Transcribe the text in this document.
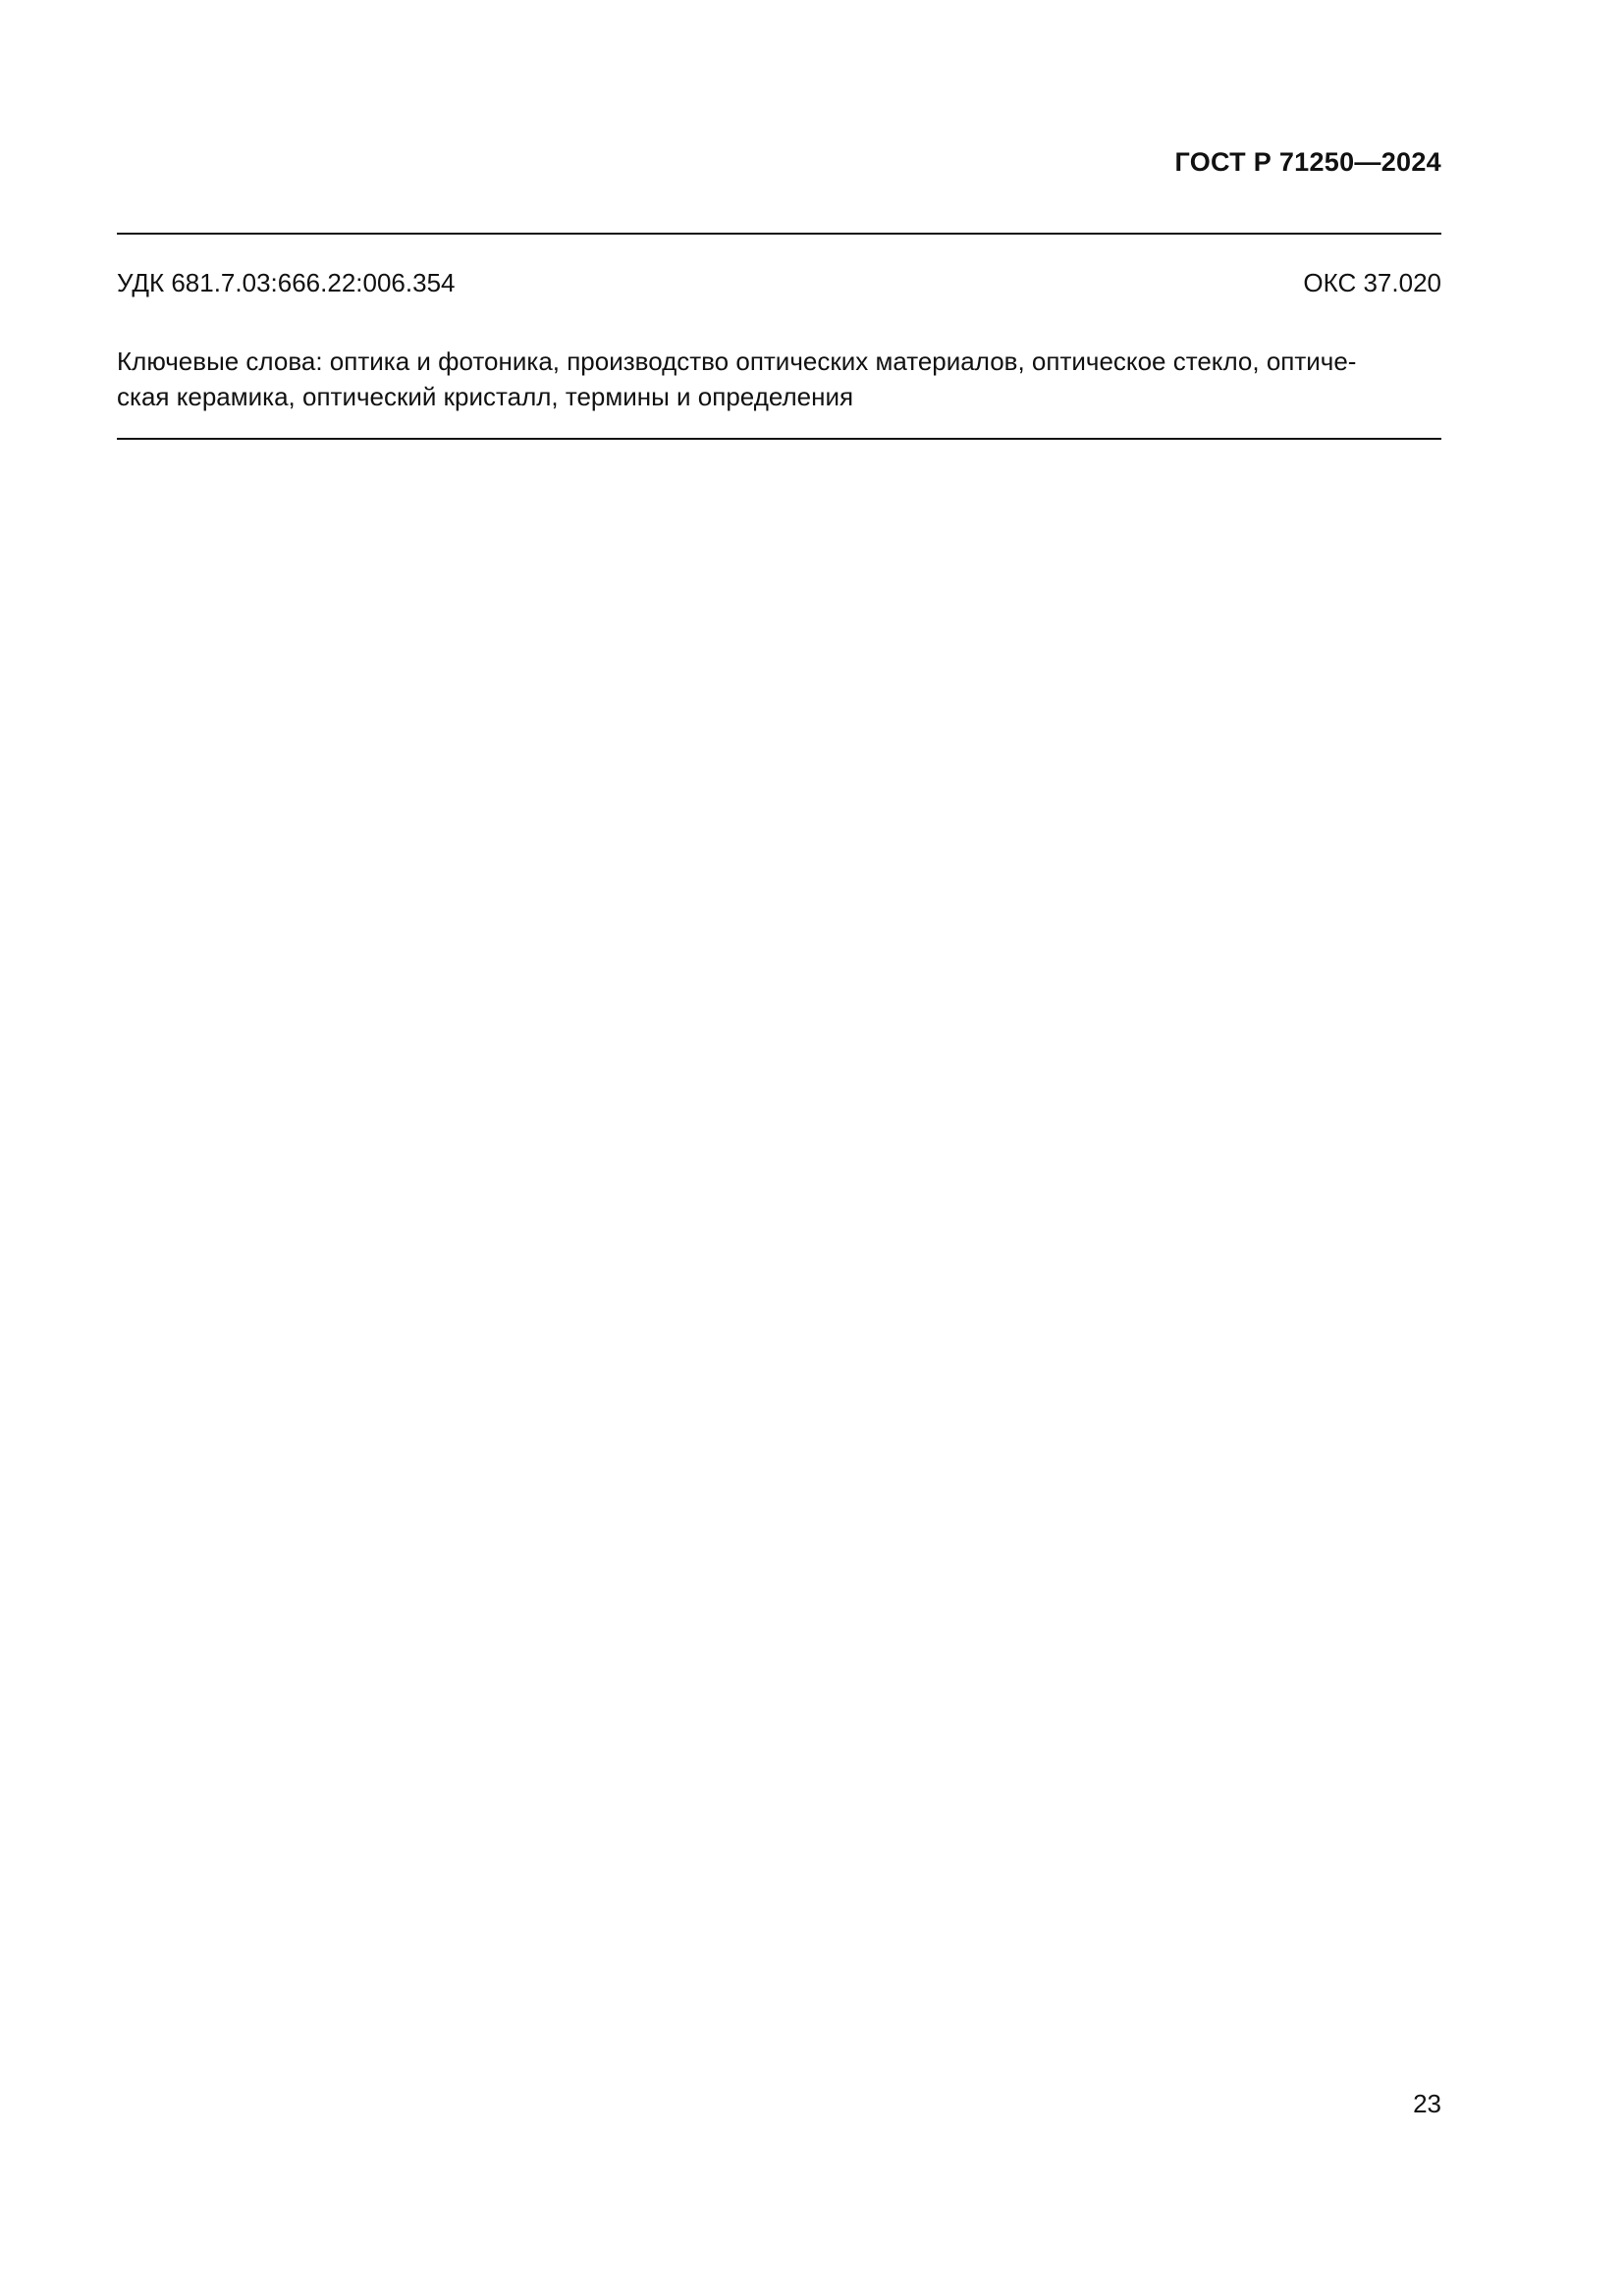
ГОСТ Р 71250—2024
УДК 681.7.03:666.22:006.354	ОКС 37.020
Ключевые слова: оптика и фотоника, производство оптических материалов, оптическое стекло, оптиче-
ская керамика, оптический кристалл, термины и определения
23
